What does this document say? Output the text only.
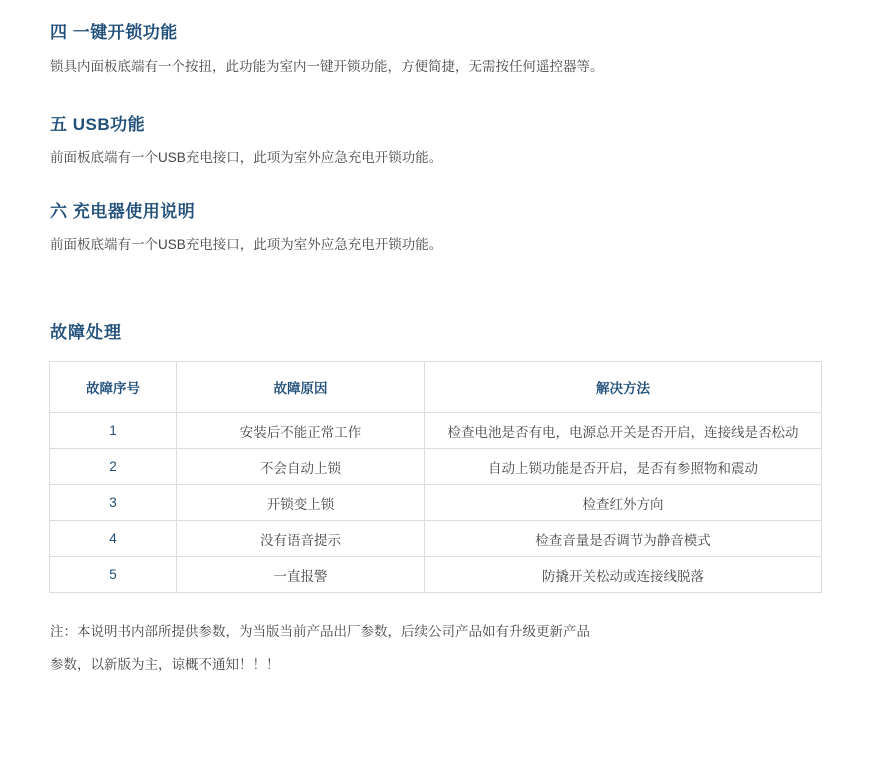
四 一键开锁功能

锁具内面板底端有一个按扭，此功能为室内一键开锁功能，方便简捷，无需按任何遥控器等。

五 USB功能

前面板底端有一个USB充电接口，此项为室外应急充电开锁功能。

六 充电器使用说明

前面板底端有一个USB充电接口，此项为室外应急充电开锁功能。

故障处理
故障序号	故障原因	解决方法
1	安装后不能正常工作	检查电池是否有电，电源总开关是否开启，连接线是否松动
2	不会自动上锁	自动上锁功能是否开启，是否有参照物和震动
3	开锁变上锁	检查红外方向
4	没有语音提示	检查音量是否调节为静音模式
5	一直报警	防撬开关松动或连接线脱落
注：本说明书内部所提供参数，为当版当前产品出厂参数，后续公司产品如有升级更新产品
参数，以新版为主，谅概不通知！！！
